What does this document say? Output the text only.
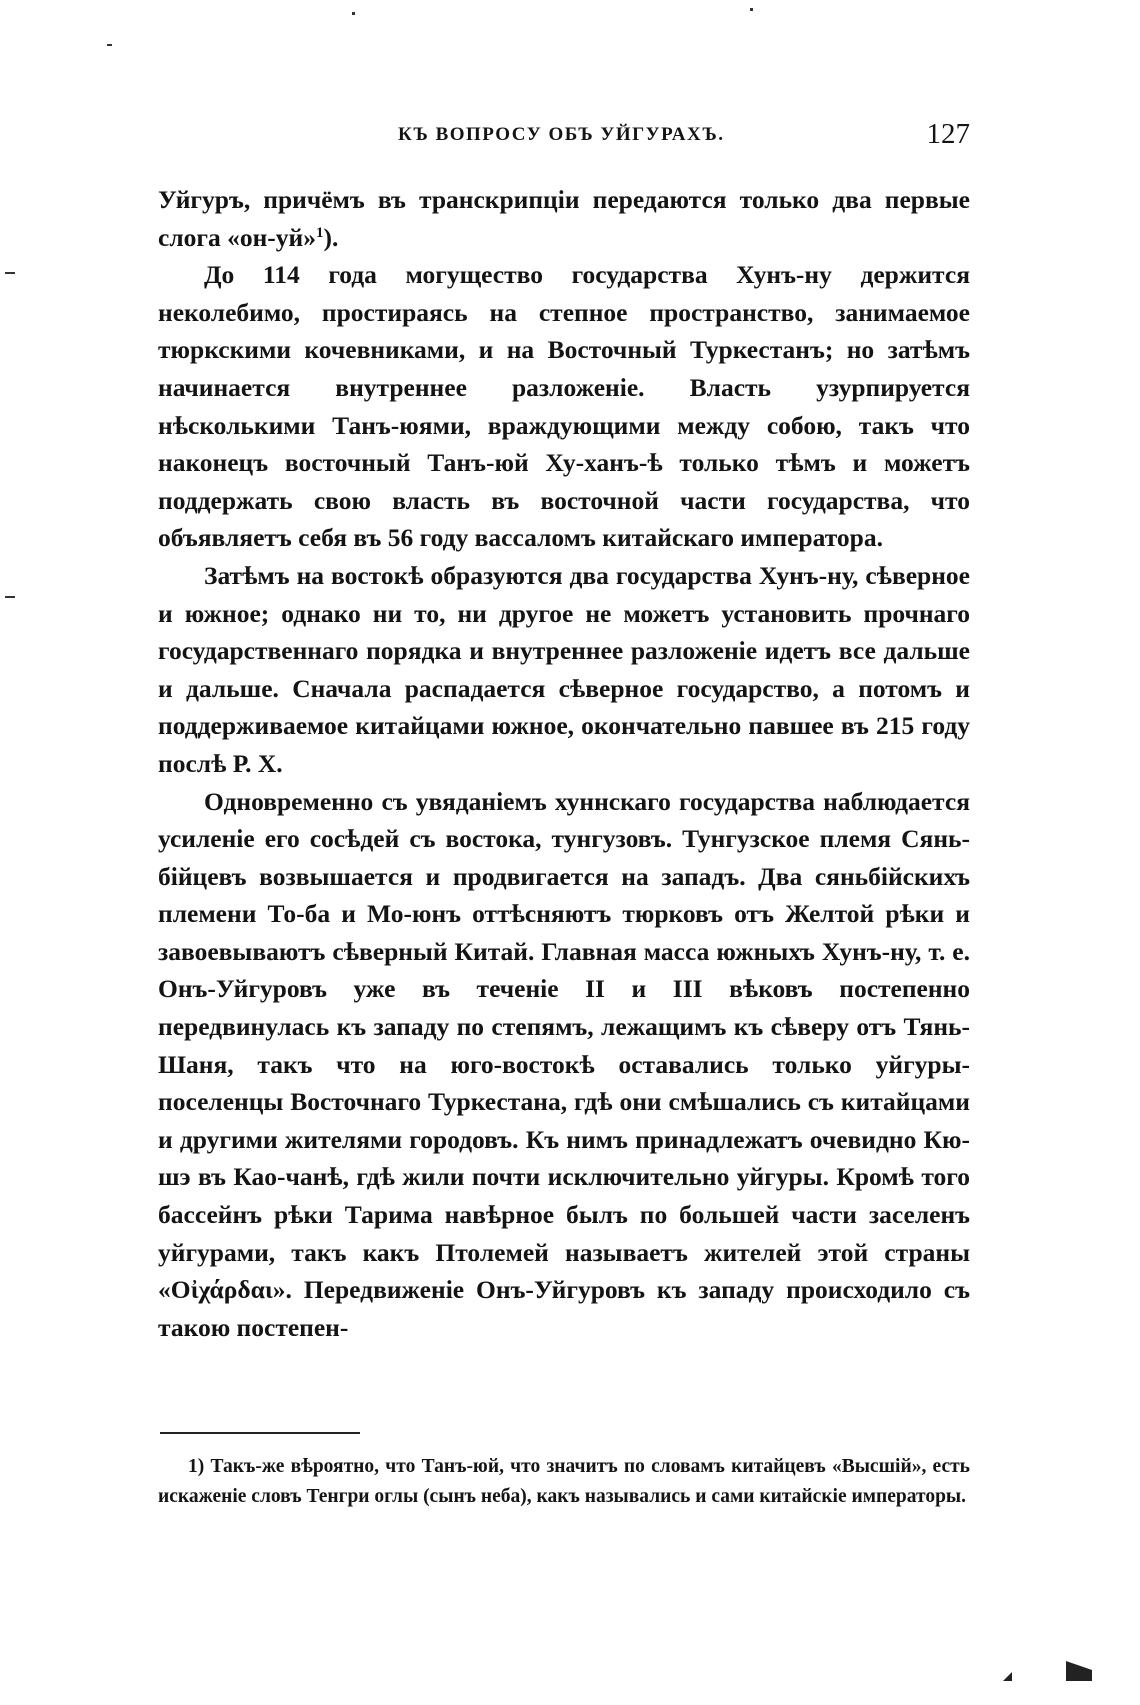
КЪ ВОПРОСУ ОБЪ УЙГУРАХЪ.	127

Уйгуръ, причёмъ въ транскрипціи передаются только два первые слога «он-уй»$^1$).

До 114 года могущество государства Хунъ-ну держится неколебимо, простираясь на степное пространство, занимаемое тюркскими кочевниками, и на Восточный Туркестанъ; но затѣмъ начинается внутреннее разложеніе. Власть узурпируется нѣсколькими Танъ-юями, враждующими между собою, такъ что наконецъ восточный Танъ-юй Ху-ханъ-ѣ только тѣмъ и можетъ поддержать свою власть въ восточной части государства, что объявляетъ себя въ 56 году вассаломъ китайскаго императора.

Затѣмъ на востокѣ образуются два государства Хунъ-ну, сѣверное и южное; однако ни то, ни другое не можетъ установить прочнаго государственнаго порядка и внутреннее разложеніе идетъ все дальше и дальше. Сначала распадается сѣверное государство, а потомъ и поддерживаемое китайцами южное, окончательно павшее въ 215 году послѣ Р. Х.

Одновременно съ увяданіемъ хуннскаго государства наблюдается усиленіе его сосѣдей съ востока, тунгузовъ. Тунгузское племя Сянь-бійцевъ возвышается и продвигается на западъ. Два сяньбійскихъ племени То-ба и Мо-юнъ оттѣсняютъ тюрковъ отъ Желтой рѣки и завоевываютъ сѣверный Китай. Главная масса южныхъ Хунъ-ну, т. е. Онъ-Уйгуровъ уже въ теченіе II и III вѣковъ постепенно передвинулась къ западу по степямъ, лежащимъ къ сѣверу отъ Тянь-Шаня, такъ что на юго-востокѣ оставались только уйгуры-поселенцы Восточнаго Туркестана, гдѣ они смѣшались съ китайцами и другими жителями городовъ. Къ нимъ принадлежатъ очевидно Кю-шэ въ Као-чанѣ, гдѣ жили почти исключительно уйгуры. Кромѣ того бассейнъ рѣки Тарима навѣрное былъ по большей части заселенъ уйгурами, такъ какъ Птолемей называетъ жителей этой страны «Οἰχάρδαι». Передвиженіе Онъ-Уйгуровъ къ западу происходило съ такою постепен-

1) Такъ-же вѣроятно, что Танъ-юй, что значитъ по словамъ китайцевъ «Высшій», есть искаженіе словъ Тенгри оглы (сынъ неба), какъ назывались и сами китайскіе императоры.
